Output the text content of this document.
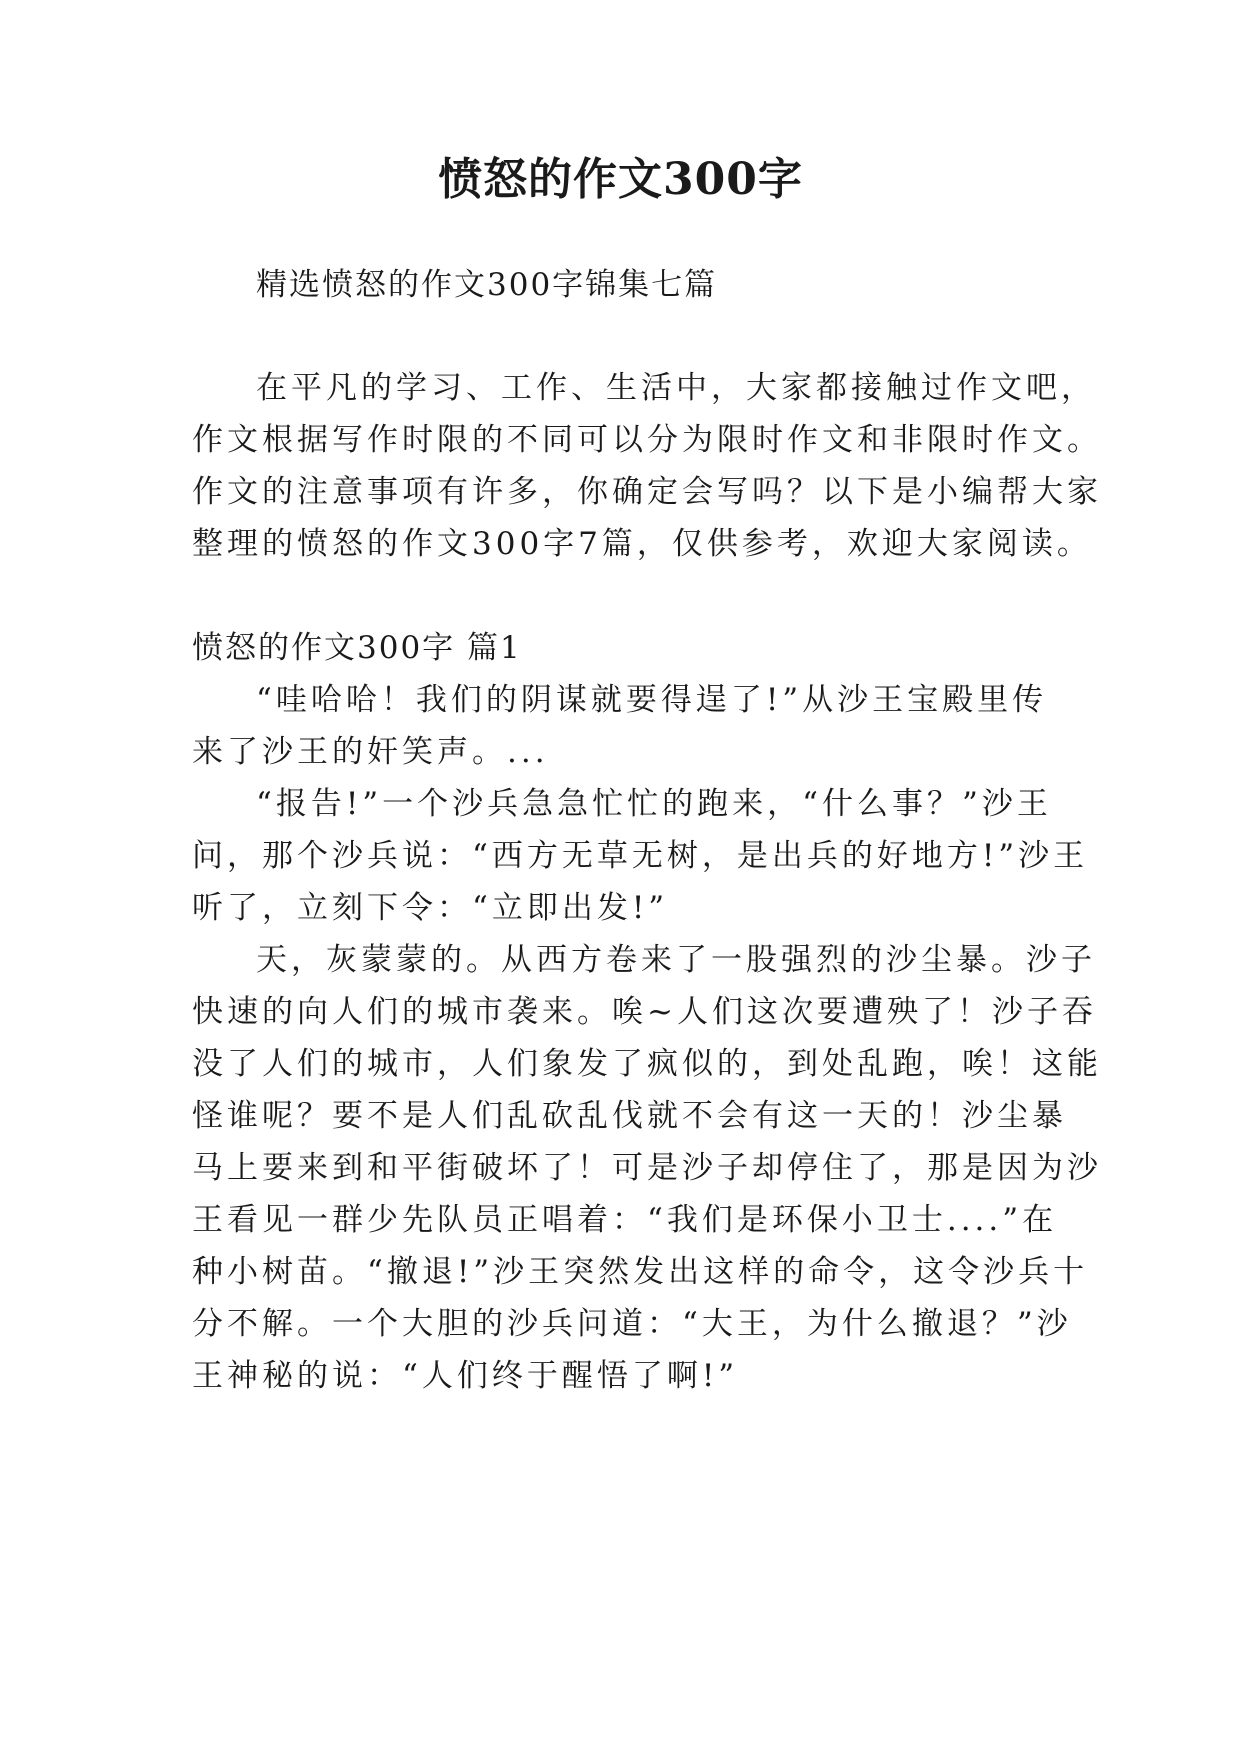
愤怒的作文300字
精选愤怒的作文300字锦集七篇
在平凡的学习、工作、生活中，大家都接触过作文吧，
作文根据写作时限的不同可以分为限时作文和非限时作文。
作文的注意事项有许多，你确定会写吗？以下是小编帮大家
整理的愤怒的作文300字7篇，仅供参考，欢迎大家阅读。
愤怒的作文300字 篇1
“哇哈哈！我们的阴谋就要得逞了!”从沙王宝殿里传
来了沙王的奸笑声。...
“报告!”一个沙兵急急忙忙的跑来，“什么事？”沙王
问，那个沙兵说：“西方无草无树，是出兵的好地方!”沙王
听了，立刻下令：“立即出发!”
天，灰蒙蒙的。从西方卷来了一股强烈的沙尘暴。沙子
快速的向人们的城市袭来。唉~人们这次要遭殃了！沙子吞
没了人们的城市，人们象发了疯似的，到处乱跑，唉！这能
怪谁呢？要不是人们乱砍乱伐就不会有这一天的！沙尘暴
马上要来到和平街破坏了！可是沙子却停住了，那是因为沙
王看见一群少先队员正唱着：“我们是环保小卫士....”在
种小树苗。“撤退!”沙王突然发出这样的命令，这令沙兵十
分不解。一个大胆的沙兵问道：“大王，为什么撤退？”沙
王神秘的说：“人们终于醒悟了啊!”
